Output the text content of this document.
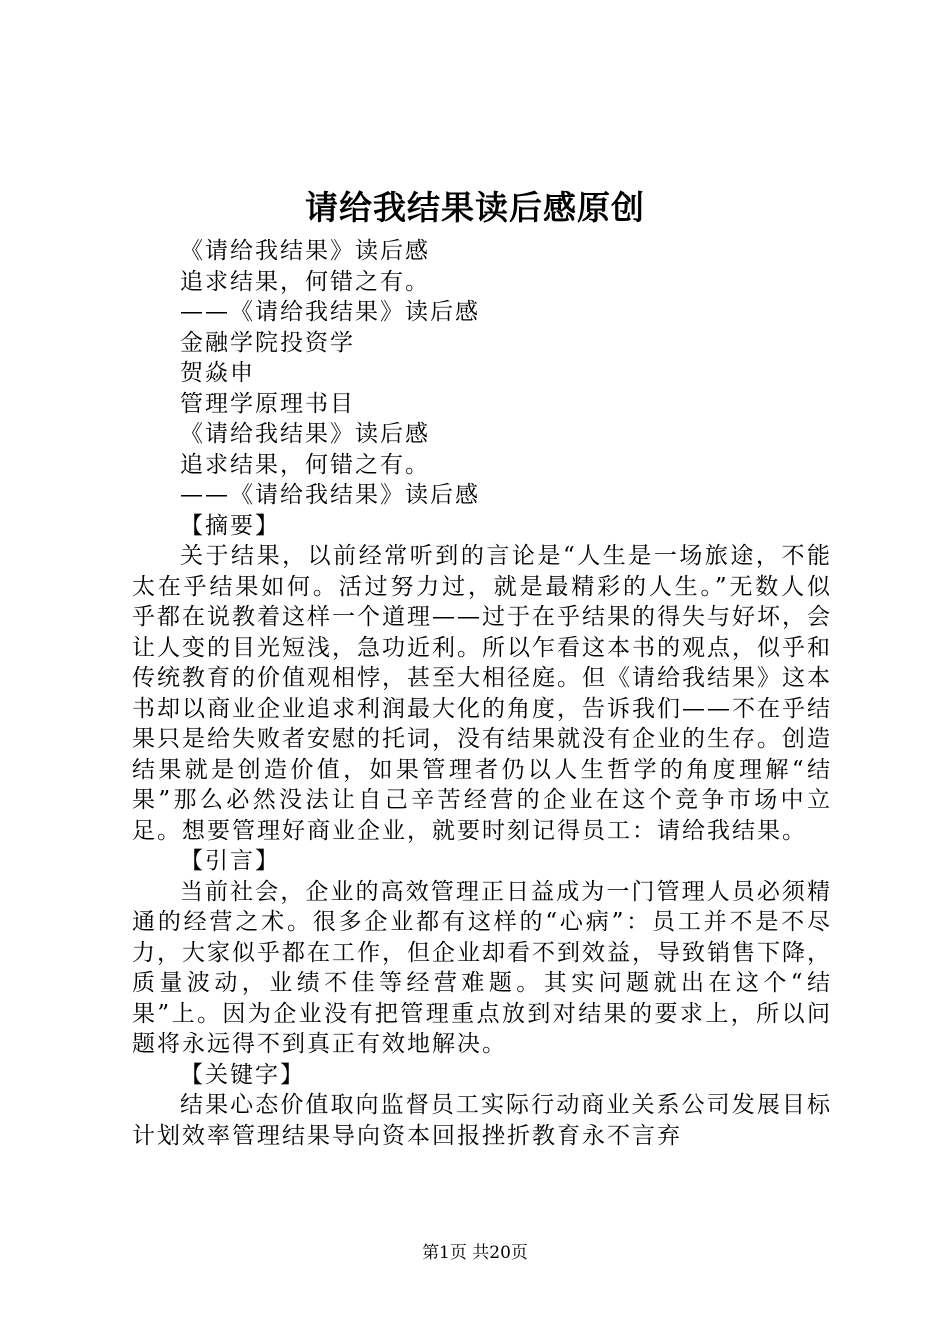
请给我结果读后感原创

《请给我结果》读后感

追求结果，何错之有。

——《请给我结果》读后感

金融学院投资学

贺焱申

管理学原理书目

《请给我结果》读后感

追求结果，何错之有。

——《请给我结果》读后感

【摘要】

关于结果，以前经常听到的言论是“人生是一场旅途，不能太在乎结果如何。活过努力过，就是最精彩的人生。”无数人似乎都在说教着这样一个道理——过于在乎结果的得失与好坏，会让人变的目光短浅，急功近利。所以乍看这本书的观点，似乎和传统教育的价值观相悖，甚至大相径庭。但《请给我结果》这本书却以商业企业追求利润最大化的角度，告诉我们——不在乎结果只是给失败者安慰的托词，没有结果就没有企业的生存。创造结果就是创造价值，如果管理者仍以人生哲学的角度理解“结果”那么必然没法让自己辛苦经营的企业在这个竞争市场中立足。想要管理好商业企业，就要时刻记得员工：请给我结果。

【引言】

当前社会，企业的高效管理正日益成为一门管理人员必须精通的经营之术。很多企业都有这样的“心病”：员工并不是不尽力，大家似乎都在工作，但企业却看不到效益，导致销售下降，质量波动，业绩不佳等经营难题。其实问题就出在这个“结果”上。因为企业没有把管理重点放到对结果的要求上，所以问题将永远得不到真正有效地解决。

【关键字】

结果心态价值取向监督员工实际行动商业关系公司发展目标计划效率管理结果导向资本回报挫折教育永不言弃

第1页 共20页
